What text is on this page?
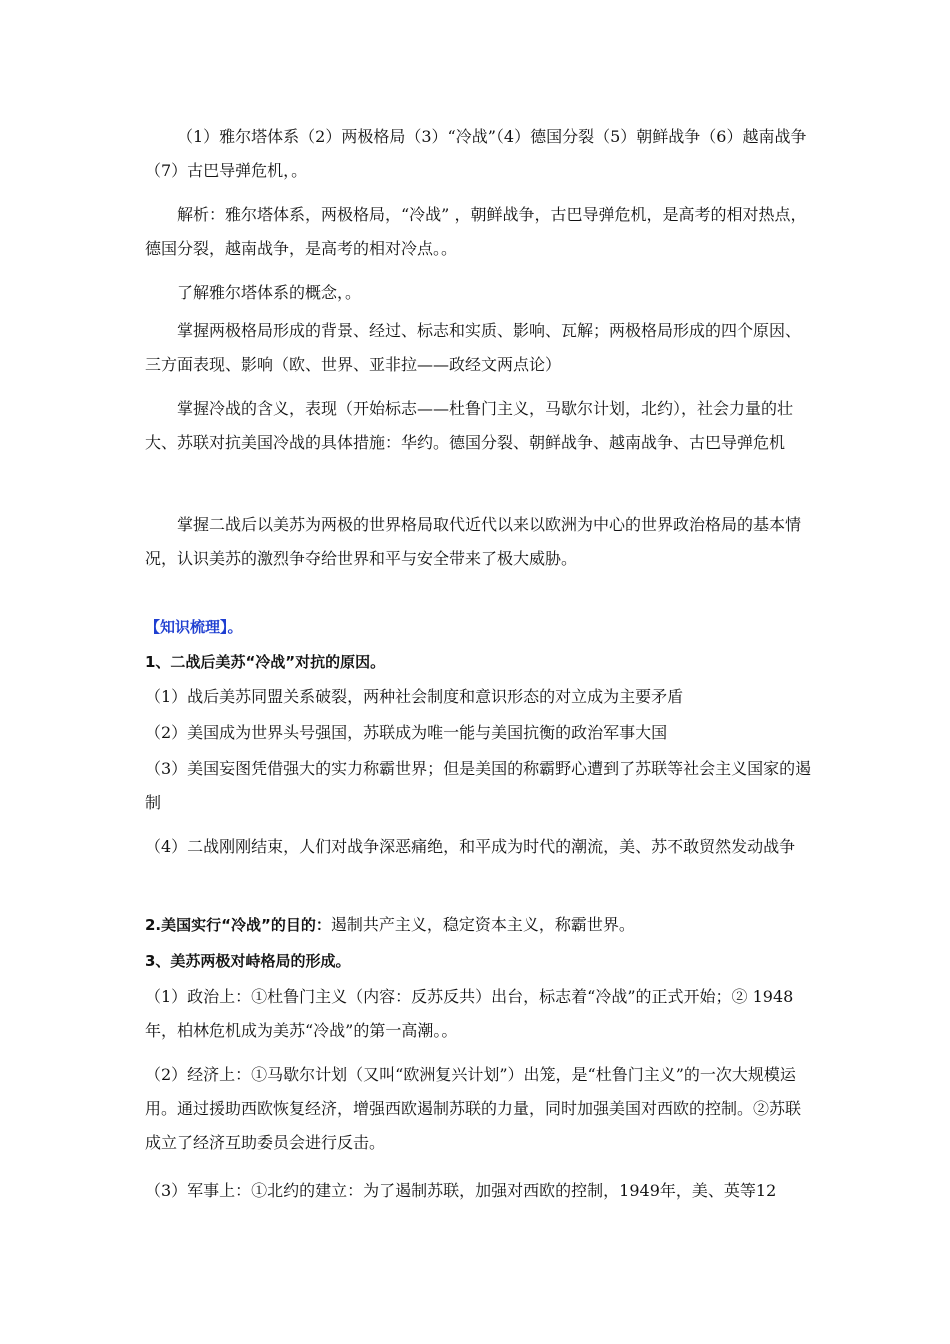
（1）雅尔塔体系（2）两极格局（3）“冷战”（4）德国分裂（5）朝鲜战争（6）越南战争（7）古巴导弹危机，。

解析：雅尔塔体系，两极格局，“冷战” ，朝鲜战争，古巴导弹危机，是高考的相对热点，德国分裂，越南战争，是高考的相对冷点。。

了解雅尔塔体系的概念，。

掌握两极格局形成的背景、经过、标志和实质、影响、瓦解；两极格局形成的四个原因、三方面表现、影响（欧、世界、亚非拉——政经文两点论）

掌握冷战的含义，表现（开始标志——杜鲁门主义，马歇尔计划，北约），社会力量的壮大、苏联对抗美国冷战的具体措施：华约。德国分裂、朝鲜战争、越南战争、古巴导弹危机

掌握二战后以美苏为两极的世界格局取代近代以来以欧洲为中心的世界政治格局的基本情况，认识美苏的激烈争夺给世界和平与安全带来了极大威胁。

【知识梳理】。

1、二战后美苏“冷战”对抗的原因。

（1）战后美苏同盟关系破裂，两种社会制度和意识形态的对立成为主要矛盾

（2）美国成为世界头号强国，苏联成为唯一能与美国抗衡的政治军事大国

（3）美国妄图凭借强大的实力称霸世界；但是美国的称霸野心遭到了苏联等社会主义国家的遏制

（4）二战刚刚结束，人们对战争深恶痛绝，和平成为时代的潮流，美、苏不敢贸然发动战争

2.美国实行“冷战”的目的：遏制共产主义，稳定资本主义，称霸世界。

3、美苏两极对峙格局的形成。

（1）政治上：①杜鲁门主义（内容：反苏反共）出台，标志着“冷战”的正式开始；② 1948年，柏林危机成为美苏“冷战”的第一高潮。。

（2）经济上：①马歇尔计划（又叫“欧洲复兴计划”）出笼，是“杜鲁门主义”的一次大规模运用。通过援助西欧恢复经济，增强西欧遏制苏联的力量，同时加强美国对西欧的控制。②苏联成立了经济互助委员会进行反击。

（3）军事上：①北约的建立：为了遏制苏联，加强对西欧的控制，1949年，美、英等12
